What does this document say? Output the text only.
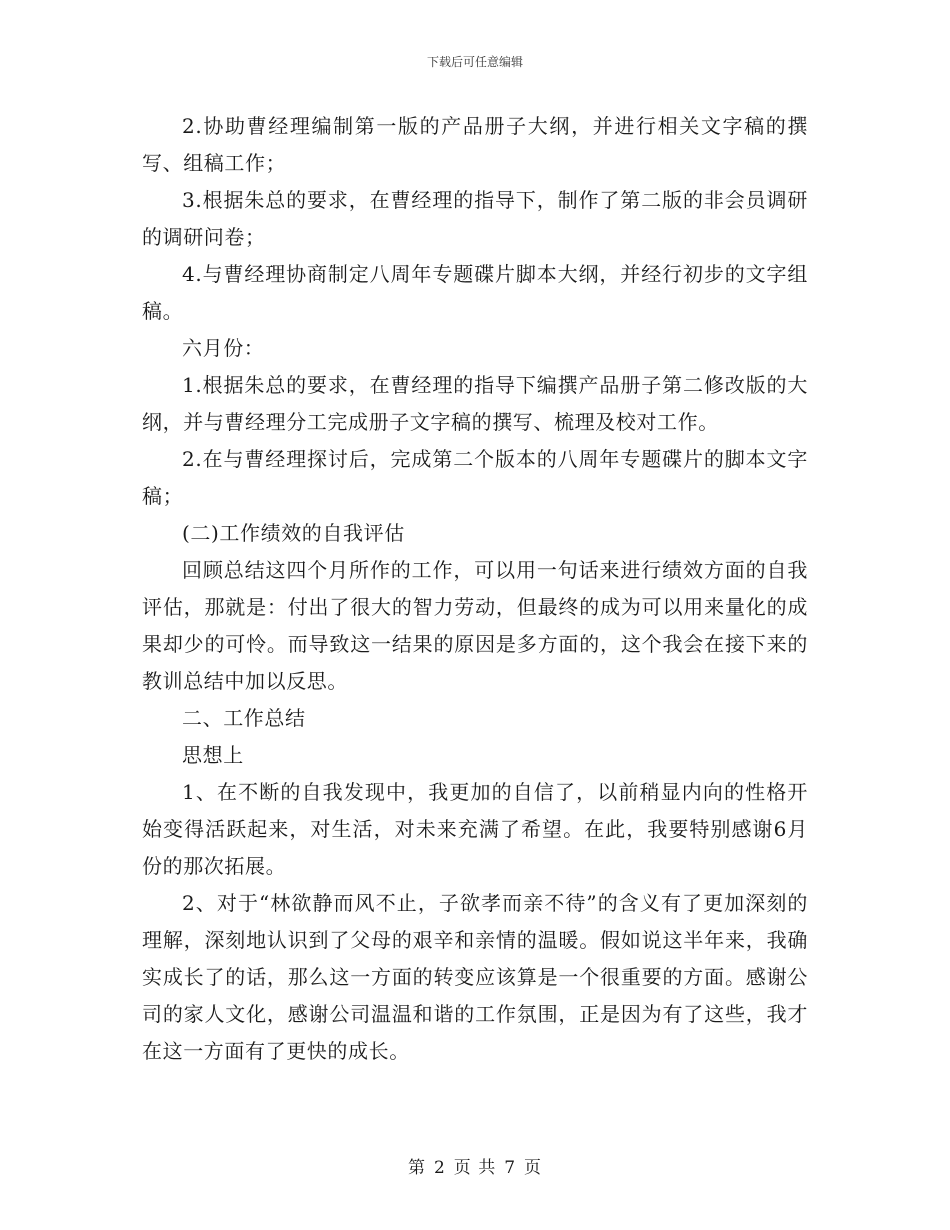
下载后可任意编辑

2.协助曹经理编制第一版的产品册子大纲，并进行相关文字稿的撰写、组稿工作；

3.根据朱总的要求，在曹经理的指导下，制作了第二版的非会员调研的调研问卷；

4.与曹经理协商制定八周年专题碟片脚本大纲，并经行初步的文字组稿。

六月份：

1.根据朱总的要求，在曹经理的指导下编撰产品册子第二修改版的大纲，并与曹经理分工完成册子文字稿的撰写、梳理及校对工作。

2.在与曹经理探讨后，完成第二个版本的八周年专题碟片的脚本文字稿；

(二)工作绩效的自我评估

回顾总结这四个月所作的工作，可以用一句话来进行绩效方面的自我评估，那就是：付出了很大的智力劳动，但最终的成为可以用来量化的成果却少的可怜。而导致这一结果的原因是多方面的，这个我会在接下来的教训总结中加以反思。

二、工作总结

思想上

1、在不断的自我发现中，我更加的自信了，以前稍显内向的性格开始变得活跃起来，对生活，对未来充满了希望。在此，我要特别感谢6月份的那次拓展。

2、对于“林欲静而风不止，子欲孝而亲不待”的含义有了更加深刻的理解，深刻地认识到了父母的艰辛和亲情的温暖。假如说这半年来，我确实成长了的话，那么这一方面的转变应该算是一个很重要的方面。感谢公司的家人文化，感谢公司温温和谐的工作氛围，正是因为有了这些，我才在这一方面有了更快的成长。

第 2 页 共 7 页
